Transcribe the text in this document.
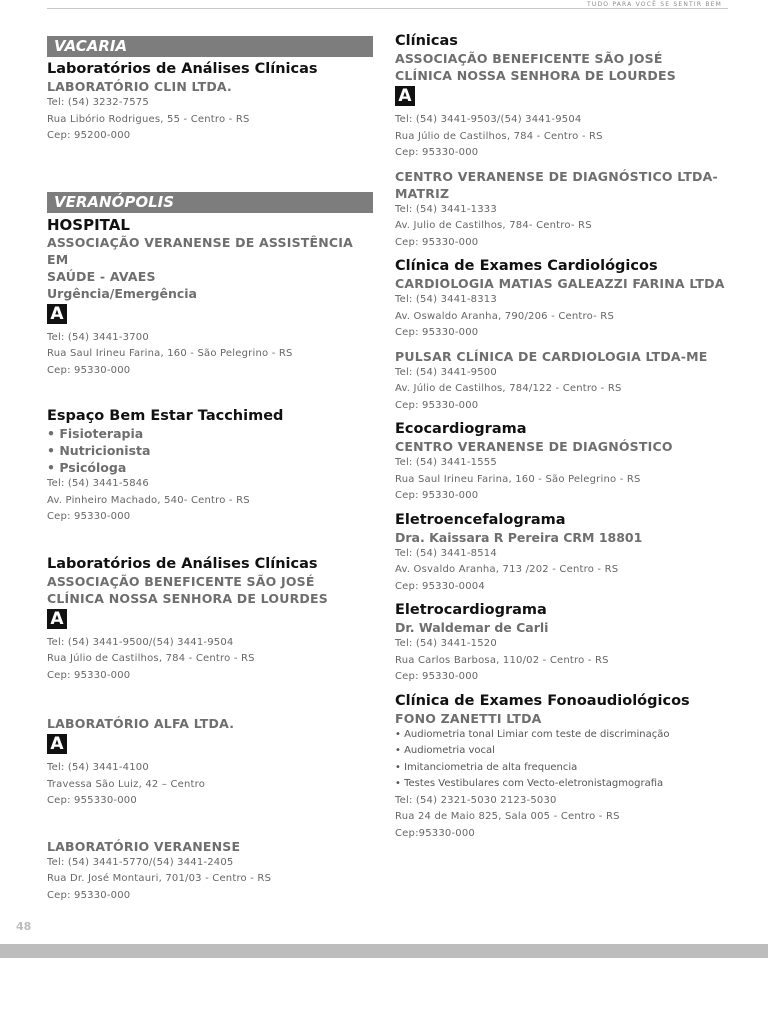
TUDO PARA VOCÊ SE SENTIR BEM
VACARIA
Laboratórios de Análises Clínicas
LABORATÓRIO CLIN LTDA.
Tel: (54) 3232-7575
Rua Libório Rodrigues, 55 - Centro - RS
Cep: 95200-000
VERANÓPOLIS
HOSPITAL
ASSOCIAÇÃO VERANENSE DE ASSISTÊNCIA EM
SAÚDE - AVAES
Urgência/Emergência
A
Tel: (54) 3441-3700
Rua Saul Irineu Farina, 160 - São Pelegrino - RS
Cep: 95330-000
Espaço Bem Estar Tacchimed
• Fisioterapia
• Nutricionista
• Psicóloga
Tel: (54) 3441-5846
Av. Pinheiro Machado, 540- Centro - RS
Cep: 95330-000
Laboratórios de Análises Clínicas
ASSOCIAÇÃO BENEFICENTE SÃO JOSÉ
CLÍNICA NOSSA SENHORA DE LOURDES
A
Tel: (54) 3441-9500/(54) 3441-9504
Rua Júlio de Castilhos, 784 - Centro - RS
Cep: 95330-000
LABORATÓRIO ALFA LTDA.
A
Tel: (54) 3441-4100
Travessa São Luiz, 42 – Centro
Cep: 955330-000
LABORATÓRIO VERANENSE
Tel: (54) 3441-5770/(54) 3441-2405
Rua Dr. José Montauri, 701/03 - Centro - RS
Cep: 95330-000
Clínicas
ASSOCIAÇÃO BENEFICENTE SÃO JOSÉ
CLÍNICA NOSSA SENHORA DE LOURDES
A
Tel: (54) 3441-9503/(54) 3441-9504
Rua Júlio de Castilhos, 784 - Centro - RS
Cep: 95330-000
CENTRO VERANENSE DE DIAGNÓSTICO LTDA-
MATRIZ
Tel: (54) 3441-1333
Av. Julio de Castilhos, 784- Centro- RS
Cep: 95330-000
Clínica de Exames Cardiológicos
CARDIOLOGIA MATIAS GALEAZZI FARINA LTDA
Tel: (54) 3441-8313
Av. Oswaldo Aranha, 790/206 - Centro- RS
Cep: 95330-000
PULSAR CLÍNICA DE CARDIOLOGIA LTDA-ME
Tel: (54) 3441-9500
Av. Júlio de Castilhos, 784/122 - Centro - RS
Cep: 95330-000
Ecocardiograma
CENTRO VERANENSE DE DIAGNÓSTICO
Tel: (54) 3441-1555
Rua Saul Irineu Farina, 160 - São Pelegrino - RS
Cep: 95330-000
Eletroencefalograma
Dra. Kaissara R Pereira CRM 18801
Tel: (54) 3441-8514
Av. Osvaldo Aranha, 713 /202 - Centro - RS
Cep: 95330-0004
Eletrocardiograma
Dr. Waldemar de Carli
Tel: (54) 3441-1520
Rua Carlos Barbosa, 110/02 - Centro - RS
Cep: 95330-000
Clínica de Exames Fonoaudiológicos
FONO ZANETTI LTDA
• Audiometria tonal Limiar com teste de discriminação
• Audiometria vocal
• Imitanciometria de alta frequencia
• Testes Vestibulares com Vecto-eletronistagmografia
Tel: (54) 2321-5030 2123-5030
Rua 24 de Maio 825, Sala 005 - Centro - RS
Cep:95330-000
48
